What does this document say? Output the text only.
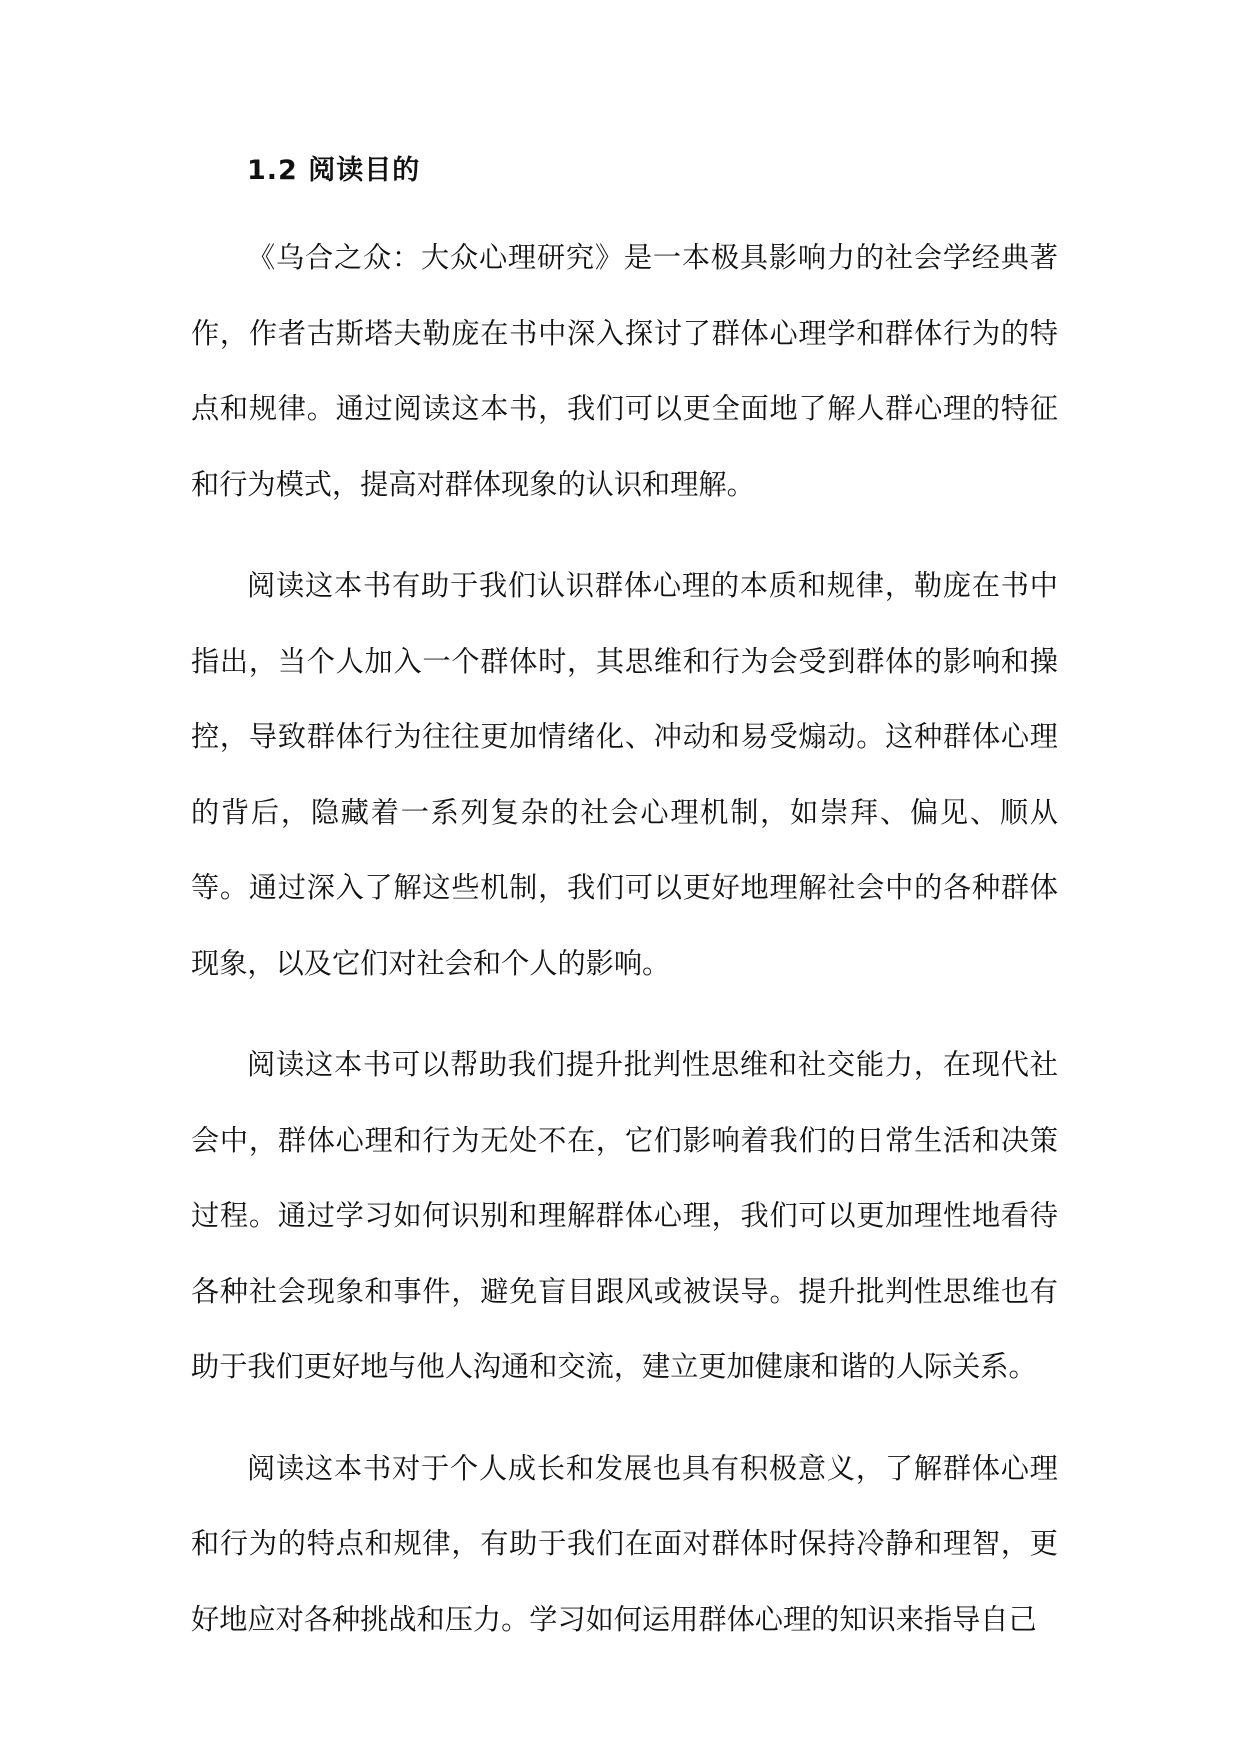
1.2 阅读目的

《乌合之众：大众心理研究》是一本极具影响力的社会学经典著作，作者古斯塔夫勒庞在书中深入探讨了群体心理学和群体行为的特点和规律。通过阅读这本书，我们可以更全面地了解人群心理的特征和行为模式，提高对群体现象的认识和理解。

阅读这本书有助于我们认识群体心理的本质和规律，勒庞在书中指出，当个人加入一个群体时，其思维和行为会受到群体的影响和操控，导致群体行为往往更加情绪化、冲动和易受煽动。这种群体心理的背后，隐藏着一系列复杂的社会心理机制，如崇拜、偏见、顺从等。通过深入了解这些机制，我们可以更好地理解社会中的各种群体现象，以及它们对社会和个人的影响。

阅读这本书可以帮助我们提升批判性思维和社交能力，在现代社会中，群体心理和行为无处不在，它们影响着我们的日常生活和决策过程。通过学习如何识别和理解群体心理，我们可以更加理性地看待各种社会现象和事件，避免盲目跟风或被误导。提升批判性思维也有助于我们更好地与他人沟通和交流，建立更加健康和谐的人际关系。

阅读这本书对于个人成长和发展也具有积极意义，了解群体心理和行为的特点和规律，有助于我们在面对群体时保持冷静和理智，更好地应对各种挑战和压力。学习如何运用群体心理的知识来指导自己
